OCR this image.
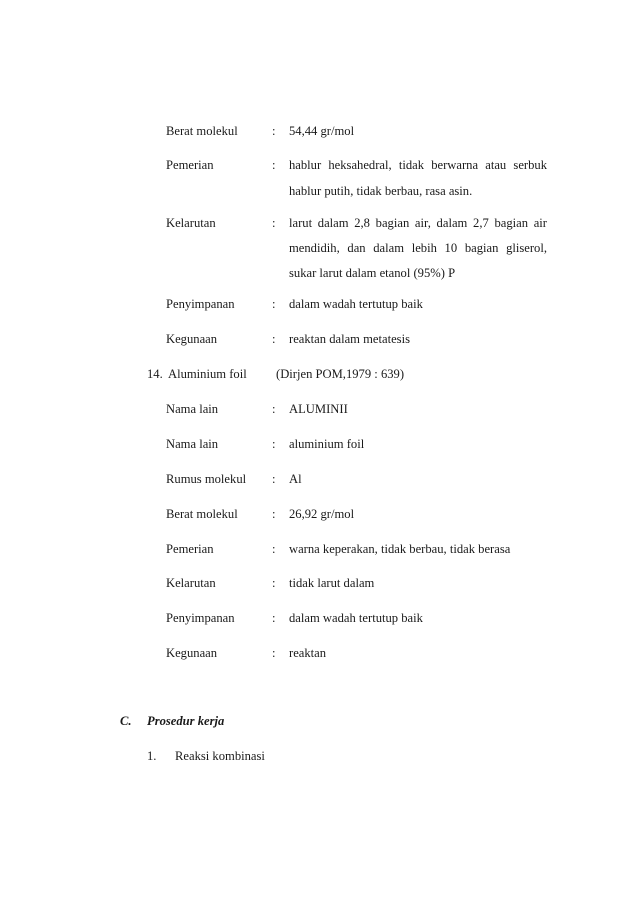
Berat molekul	: 54,44 gr/mol
Pemerian	: hablur heksahedral, tidak berwarna atau serbuk
hablur putih, tidak berbau, rasa asin.
Kelarutan	: larut dalam 2,8 bagian air, dalam 2,7 bagian air
mendidih, dan dalam lebih 10 bagian gliserol,
sukar larut dalam etanol (95%) P
Penyimpanan	: dalam wadah tertutup baik
Kegunaan	: reaktan dalam metatesis
14. Aluminium foil (Dirjen POM,1979 : 639)
Nama lain	: ALUMINII
Nama lain	: aluminium foil
Rumus molekul : Al
Berat molekul	: 26,92 gr/mol
Pemerian	: warna keperakan, tidak berbau, tidak berasa
Kelarutan	: tidak larut dalam
Penyimpanan	: dalam wadah tertutup baik
Kegunaan	: reaktan
C. Prosedur kerja
1. Reaksi kombinasi
